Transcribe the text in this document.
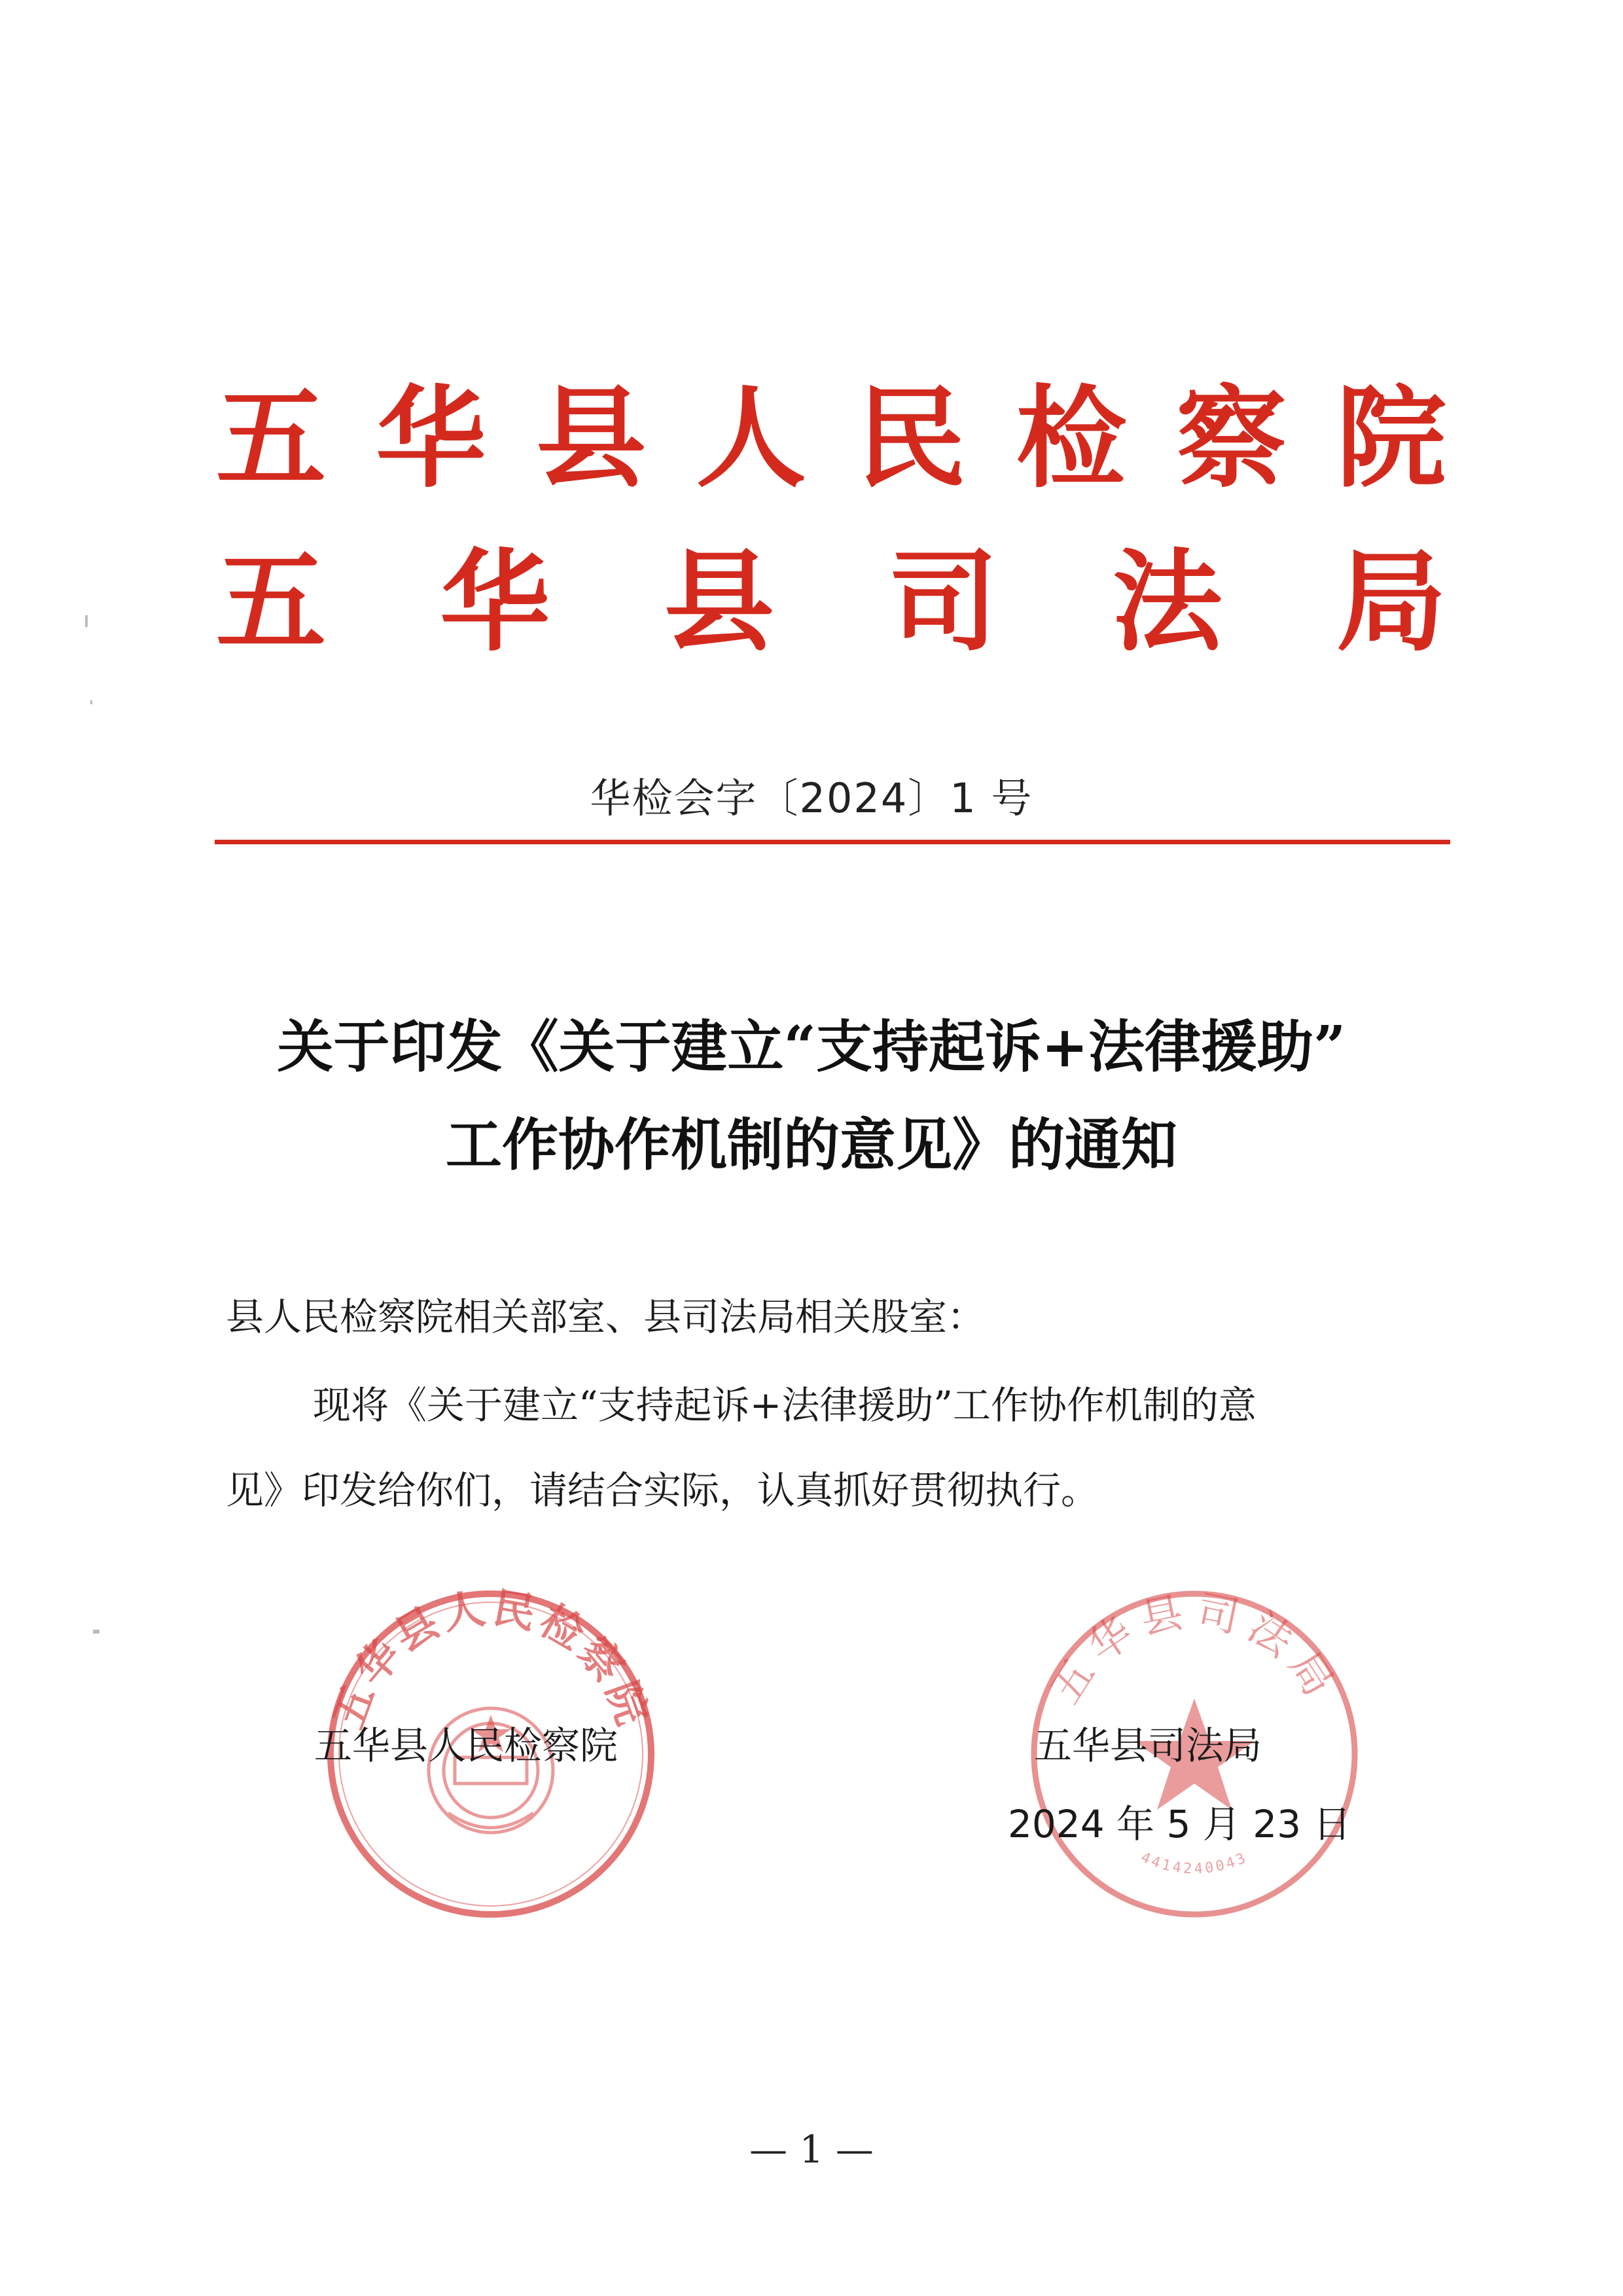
五 华 县 人 民 检 察 院
五 华 县 司 法 局
华检会字〔2024〕1 号
关于印发《关于建立“支持起诉+法律援助”
工作协作机制的意见》的通知
县人民检察院相关部室、县司法局相关股室：
现将《关于建立“支持起诉+法律援助”工作协作机制的意
见》印发给你们，请结合实际，认真抓好贯彻执行。
五华县人民检察院	五华县司法局
4414240043
五华县人民检察院	五华县司法局
2024 年 5 月 23 日
— 1 —
